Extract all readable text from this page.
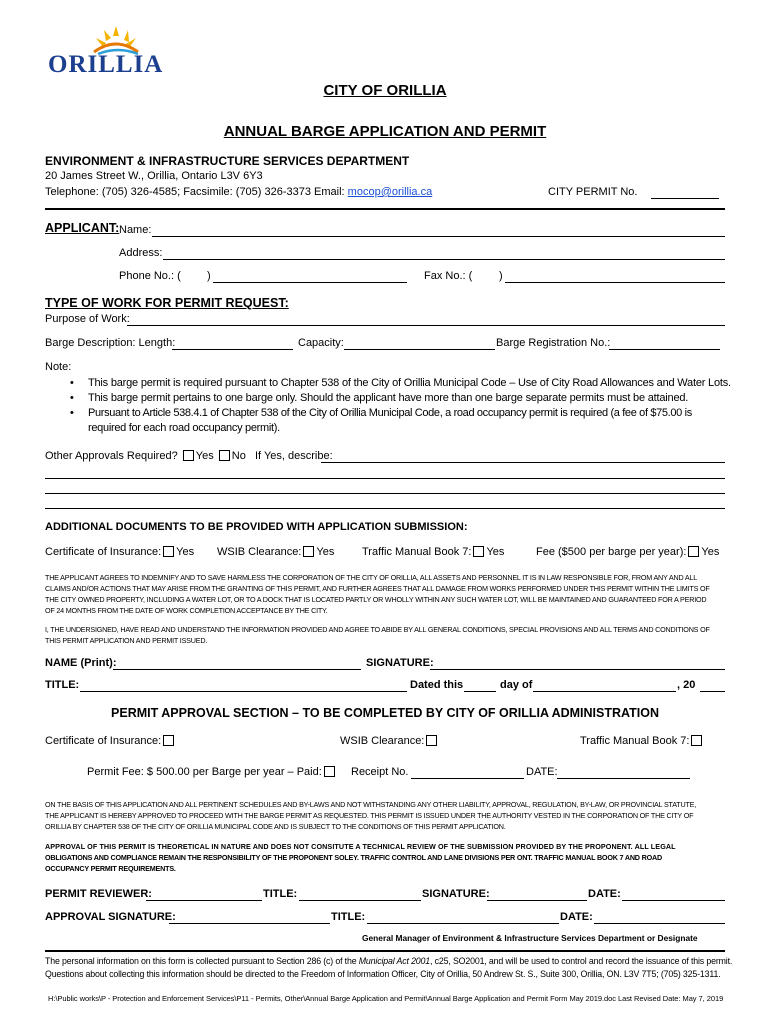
ORILLIA
CITY OF ORILLIA
ANNUAL BARGE APPLICATION AND PERMIT
ENVIRONMENT & INFRASTRUCTURE SERVICES DEPARTMENT
20 James Street W., Orillia, Ontario L3V 6Y3
Telephone: (705) 326-4585; Facsimile: (705) 326-3373 Email: mocop@orillia.ca	CITY PERMIT No.
APPLICANT: Name:
Address:
Phone No.: ( )	Fax No.: ( )
TYPE OF WORK FOR PERMIT REQUEST:
Purpose of Work:
Barge Description: Length:	Capacity:	Barge Registration No.:
Note:
• This barge permit is required pursuant to Chapter 538 of the City of Orillia Municipal Code – Use of City Road Allowances and Water Lots.
• This barge permit pertains to one barge only. Should the applicant have more than one barge separate permits must be attained.
• Pursuant to Article 538.4.1 of Chapter 538 of the City of Orillia Municipal Code, a road occupancy permit is required (a fee of $75.00 is
required for each road occupancy permit).
Other Approvals Required? Yes No If Yes, describe:
ADDITIONAL DOCUMENTS TO BE PROVIDED WITH APPLICATION SUBMISSION:
Certificate of Insurance: Yes WSIB Clearance: Yes	Traffic Manual Book 7: Yes	Fee ($500 per barge per year): Yes
THE APPLICANT AGREES TO INDEMNIFY AND TO SAVE HARMLESS THE CORPORATION OF THE CITY OF ORILLIA, ALL ASSETS AND PERSONNEL IT IS IN LAW RESPONSIBLE FOR, FROM ANY AND ALL
CLAIMS AND/OR ACTIONS THAT MAY ARISE FROM THE GRANTING OF THIS PERMIT, AND FURTHER AGREES THAT ALL DAMAGE FROM WORKS PERFORMED UNDER THIS PERMIT WITHIN THE LIMITS OF
THE CITY OWNED PROPERTY, INCLUDING A WATER LOT, OR TO A DOCK THAT IS LOCATED PARTLY OR WHOLLY WITHIN ANY SUCH WATER LOT, WILL BE MAINTAINED AND GUARANTEED FOR A PERIOD
OF 24 MONTHS FROM THE DATE OF WORK COMPLETION ACCEPTANCE BY THE CITY.
I, THE UNDERSIGNED, HAVE READ AND UNDERSTAND THE INFORMATION PROVIDED AND AGREE TO ABIDE BY ALL GENERAL CONDITIONS, SPECIAL PROVISIONS AND ALL TERMS AND CONDITIONS OF
THIS PERMIT APPLICATION AND PERMIT ISSUED.
NAME (Print):	SIGNATURE:
TITLE:	Dated this	day of	, 20
PERMIT APPROVAL SECTION – TO BE COMPLETED BY CITY OF ORILLIA ADMINISTRATION
Certificate of Insurance:	WSIB Clearance:	Traffic Manual Book 7:
Permit Fee: $ 500.00 per Barge per year – Paid:	Receipt No.	DATE:
ON THE BASIS OF THIS APPLICATION AND ALL PERTINENT SCHEDULES AND BY-LAWS AND NOT WITHSTANDING ANY OTHER LIABILITY, APPROVAL, REGULATION, BY-LAW, OR PROVINCIAL STATUTE,
THE APPLICANT IS HEREBY APPROVED TO PROCEED WITH THE BARGE PERMIT AS REQUESTED. THIS PERMIT IS ISSUED UNDER THE AUTHORITY VESTED IN THE CORPORATION OF THE CITY OF
ORILLIA BY CHAPTER 538 OF THE CITY OF ORILLIA MUNICIPAL CODE AND IS SUBJECT TO THE CONDITIONS OF THIS PERMIT APPLICATION.
APPROVAL OF THIS PERMIT IS THEORETICAL IN NATURE AND DOES NOT CONSITUTE A TECHNICAL REVIEW OF THE SUBMISSION PROVIDED BY THE PROPONENT. ALL LEGAL
OBLIGATIONS AND COMPLIANCE REMAIN THE RESPONSIBILITY OF THE PROPONENT SOLEY. TRAFFIC CONTROL AND LANE DIVISIONS PER ONT. TRAFFIC MANUAL BOOK 7 AND ROAD
OCCUPANCY PERMIT REQUIREMENTS.
PERMIT REVIEWER:	TITLE:	SIGNATURE:	DATE:
APPROVAL SIGNATURE:	TITLE:	DATE:
General Manager of Environment & Infrastructure Services Department or Designate
The personal information on this form is collected pursuant to Section 286 (c) of the Municipal Act 2001, c25, SO2001, and will be used to control and record the issuance of this permit.
Questions about collecting this information should be directed to the Freedom of Information Officer, City of Orillia, 50 Andrew St. S., Suite 300, Orillia, ON. L3V 7T5; (705) 325-1311.
H:\Public works\P - Protection and Enforcement Services\P11 - Permits, Other\Annual Barge Application and Permit\Annual Barge Application and Permit Form May 2019.doc Last Revised Date: May 7, 2019
